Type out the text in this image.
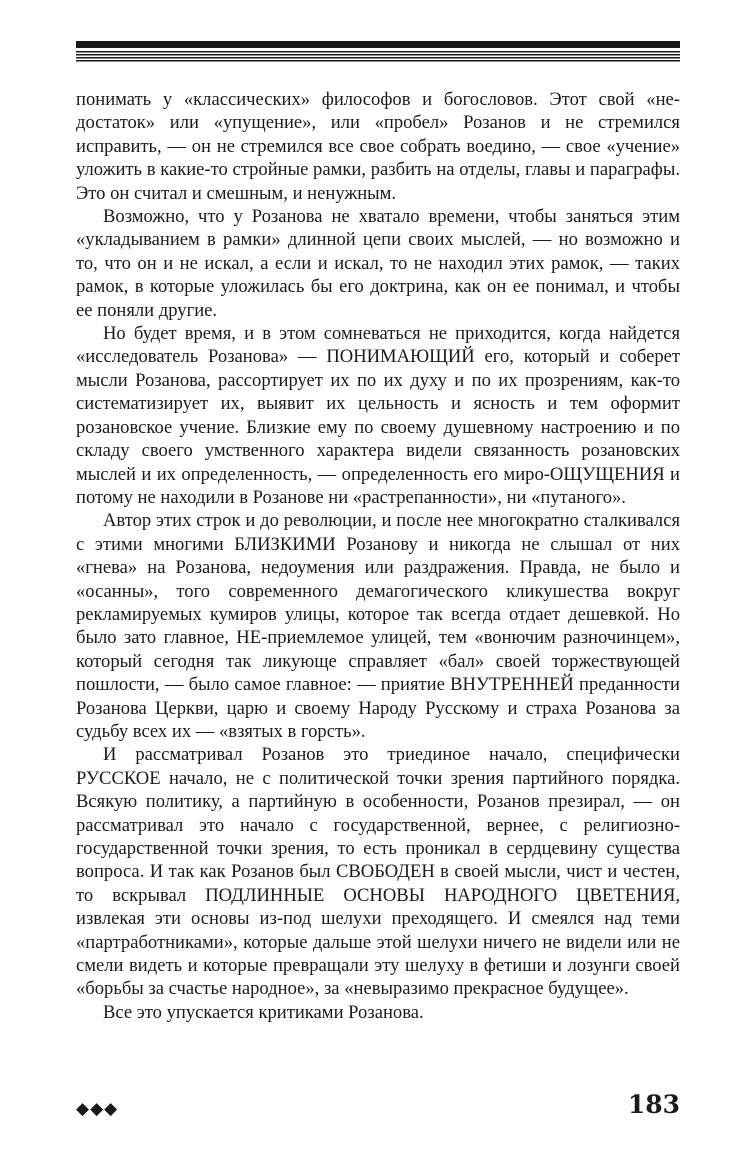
понимать у «классических» философов и богословов. Этот свой «недостаток» или «упущение», или «пробел» Розанов и не стремился исправить, — он не стремился все свое собрать воедино, — свое «учение» уложить в какие-то стройные рамки, разбить на отделы, главы и параграфы. Это он считал и смешным, и ненужным.

Возможно, что у Розанова не хватало времени, чтобы заняться этим «укладыванием в рамки» длинной цепи своих мыслей, — но возможно и то, что он и не искал, а если и искал, то не находил этих рамок, — таких рамок, в которые уложилась бы его доктрина, как он ее понимал, и чтобы ее поняли другие.

Но будет время, и в этом сомневаться не приходится, когда найдется «исследователь Розанова» — ПОНИМАЮЩИЙ его, который и соберет мысли Розанова, рассортирует их по их духу и по их прозрениям, как-то систематизирует их, выявит их цельность и ясность и тем оформит розановское учение. Близкие ему по своему душевному настроению и по складу своего умственного характера видели связанность розановских мыслей и их определенность, — определенность его миро-ОЩУЩЕНИЯ и потому не находили в Розанове ни «растрепанности», ни «путаного».

Автор этих строк и до революции, и после нее многократно сталкивался с этими многими БЛИЗКИМИ Розанову и никогда не слышал от них «гнева» на Розанова, недоумения или раздражения. Правда, не было и «осанны», того современного демагогического кликушества вокруг рекламируемых кумиров улицы, которое так всегда отдает дешевкой. Но было зато главное, НЕ-приемлемое улицей, тем «вонючим разночинцем», который сегодня так ликующе справляет «бал» своей торжествующей пошлости, — было самое главное: — приятие ВНУТРЕННЕЙ преданности Розанова Церкви, царю и своему Народу Русскому и страха Розанова за судьбу всех их — «взятых в горсть».

И рассматривал Розанов это триединое начало, специфически РУССКОЕ начало, не с политической точки зрения партийного порядка. Всякую политику, а партийную в особенности, Розанов презирал, — он рассматривал это начало с государственной, вернее, с религиозно-государственной точки зрения, то есть проникал в сердцевину существа вопроса. И так как Розанов был СВОБОДЕН в своей мысли, чист и честен, то вскрывал ПОДЛИННЫЕ ОСНОВЫ НАРОДНОГО ЦВЕТЕНИЯ, извлекая эти основы из-под шелухи преходящего. И смеялся над теми «партработниками», которые дальше этой шелухи ничего не видели или не смели видеть и которые превращали эту шелуху в фетиши и лозунги своей «борьбы за счастье народное», за «невыразимо прекрасное будущее».

Все это упускается критиками Розанова.

◆◆◆	183
